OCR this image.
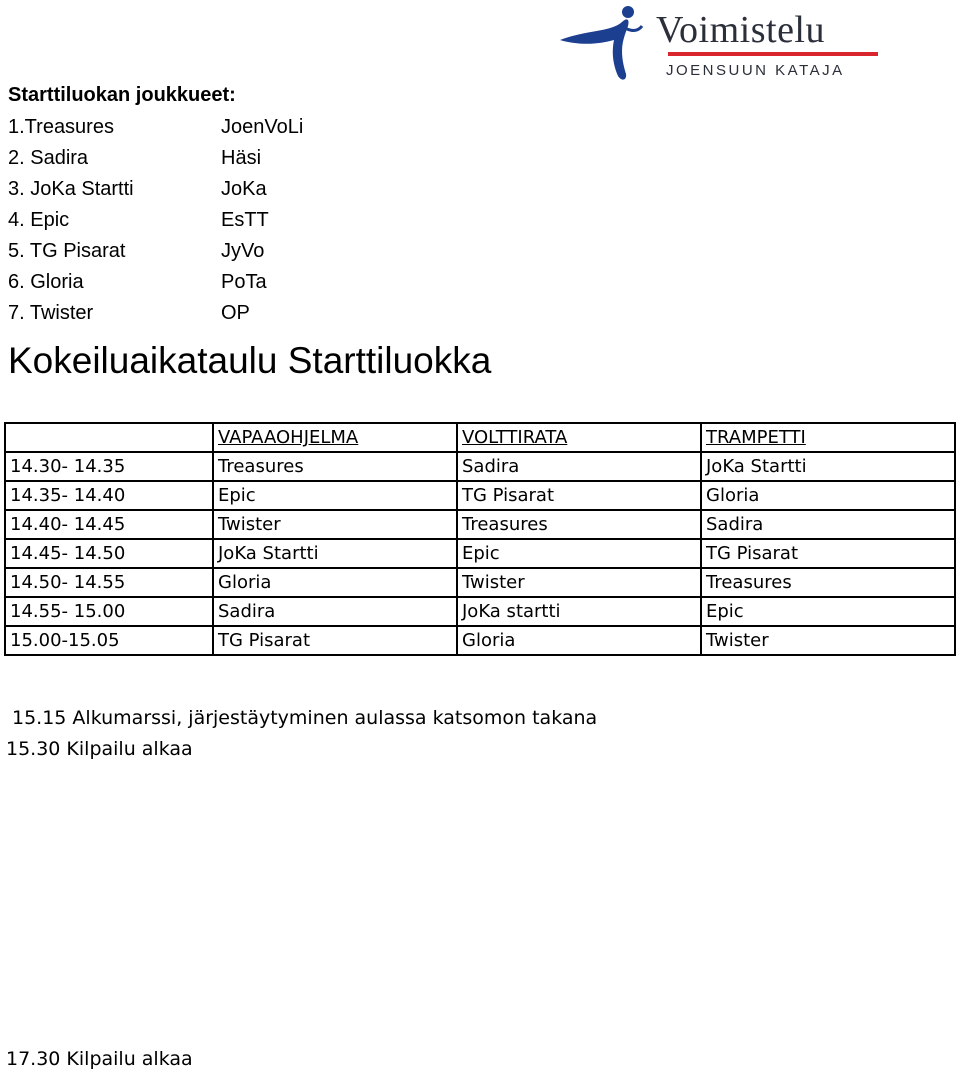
Voimistelu
JOENSUUN KATAJA
Starttiluokan joukkueet:
1.Treasures	JoenVoLi
2. Sadira	Häsi
3. JoKa Startti	JoKa
4. Epic	EsTT
5. TG Pisarat	JyVo
6. Gloria	PoTa
7. Twister	OP
Kokeiluaikataulu Starttiluokka
	VAPAAOHJELMA	VOLTTIRATA	TRAMPETTI
14.30- 14.35	Treasures	Sadira	JoKa Startti
14.35- 14.40	Epic	TG Pisarat	Gloria
14.40- 14.45	Twister	Treasures	Sadira
14.45- 14.50	JoKa Startti	Epic	TG Pisarat
14.50- 14.55	Gloria	Twister	Treasures
14.55- 15.00	Sadira	JoKa startti	Epic
15.00-15.05	TG Pisarat	Gloria	Twister
15.15 Alkumarssi, järjestäytyminen aulassa katsomon takana
15.30 Kilpailu alkaa
17.30 Kilpailu alkaa
